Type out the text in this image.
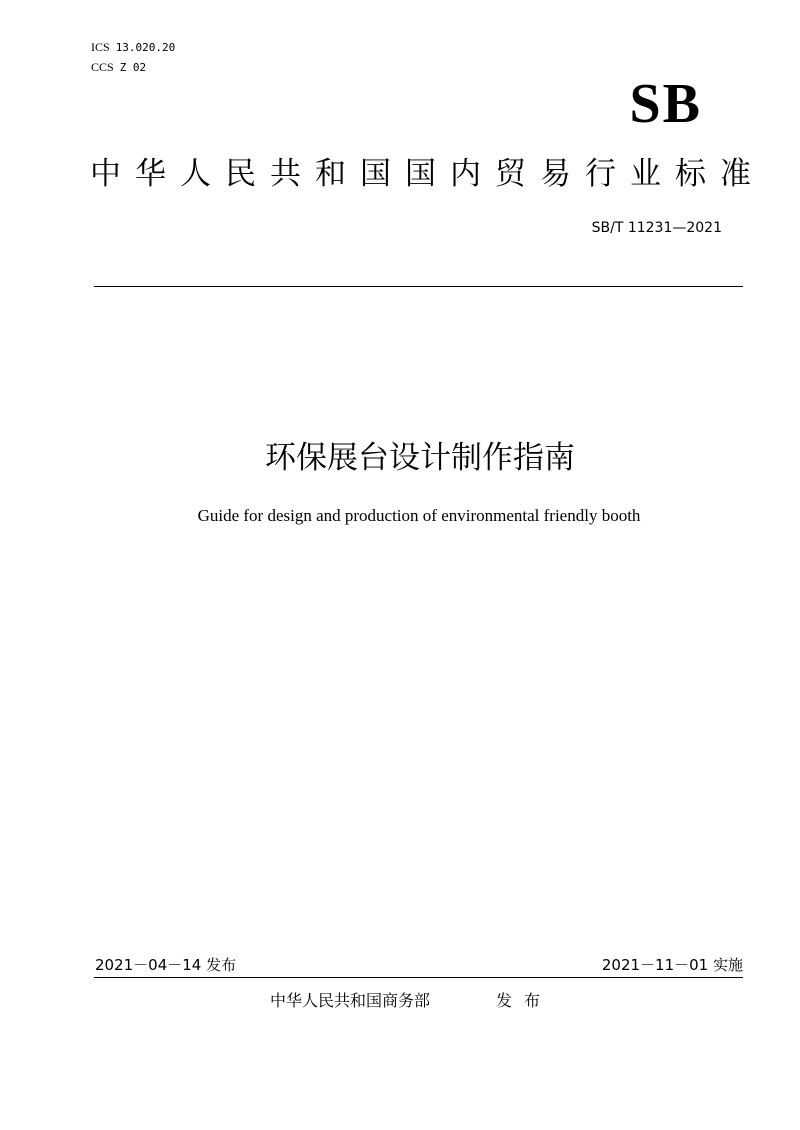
ICS 13.020.20
CCS Z 02
SB
中华人民共和国国内贸易行业标准
SB/T 11231—2021
环保展台设计制作指南
Guide for design and production of environmental friendly booth
2021－04－14 发布	2021－11－01 实施
中华人民共和国商务部	发布
